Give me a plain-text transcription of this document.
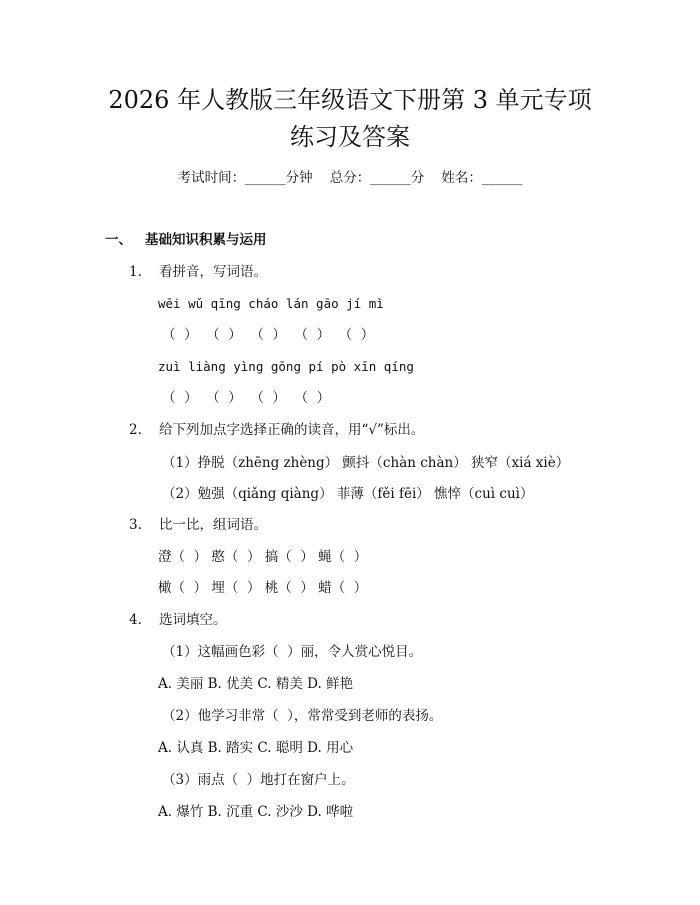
2026 年人教版三年级语文下册第 3 单元专项
练习及答案
考试时间：______分钟    总分：______分    姓名：______
一、 基础知识积累与运用
1. 看拼音，写词语。
wēi wǔ qīng cháo lán gāo jí mì
（  ）  （  ）  （  ）  （  ）  （  ）
zuì liàng yìng gōng pí pò xīn qíng
（  ）  （  ）  （  ）  （  ）
2. 给下列加点字选择正确的读音，用“√”标出。
（1）挣脱（zhēng zhèng） 颤抖（chàn chàn） 狭窄（xiá xiè）
（2）勉强（qiǎng qiàng） 菲薄（fěi fēi） 憔悴（cuì cuì）
3. 比一比，组词语。
澄（  ） 憨（  ） 搞（  ） 蝇（  ）
橄（  ） 埋（  ） 桃（  ） 蜡（  ）
4. 选词填空。
（1）这幅画色彩（  ）丽，令人赏心悦目。
A. 美丽 B. 优美 C. 精美 D. 鲜艳
（2）他学习非常（  ），常常受到老师的表扬。
A. 认真 B. 踏实 C. 聪明 D. 用心
（3）雨点（  ）地打在窗户上。
A. 爆竹 B. 沉重 C. 沙沙 D. 哗啦
